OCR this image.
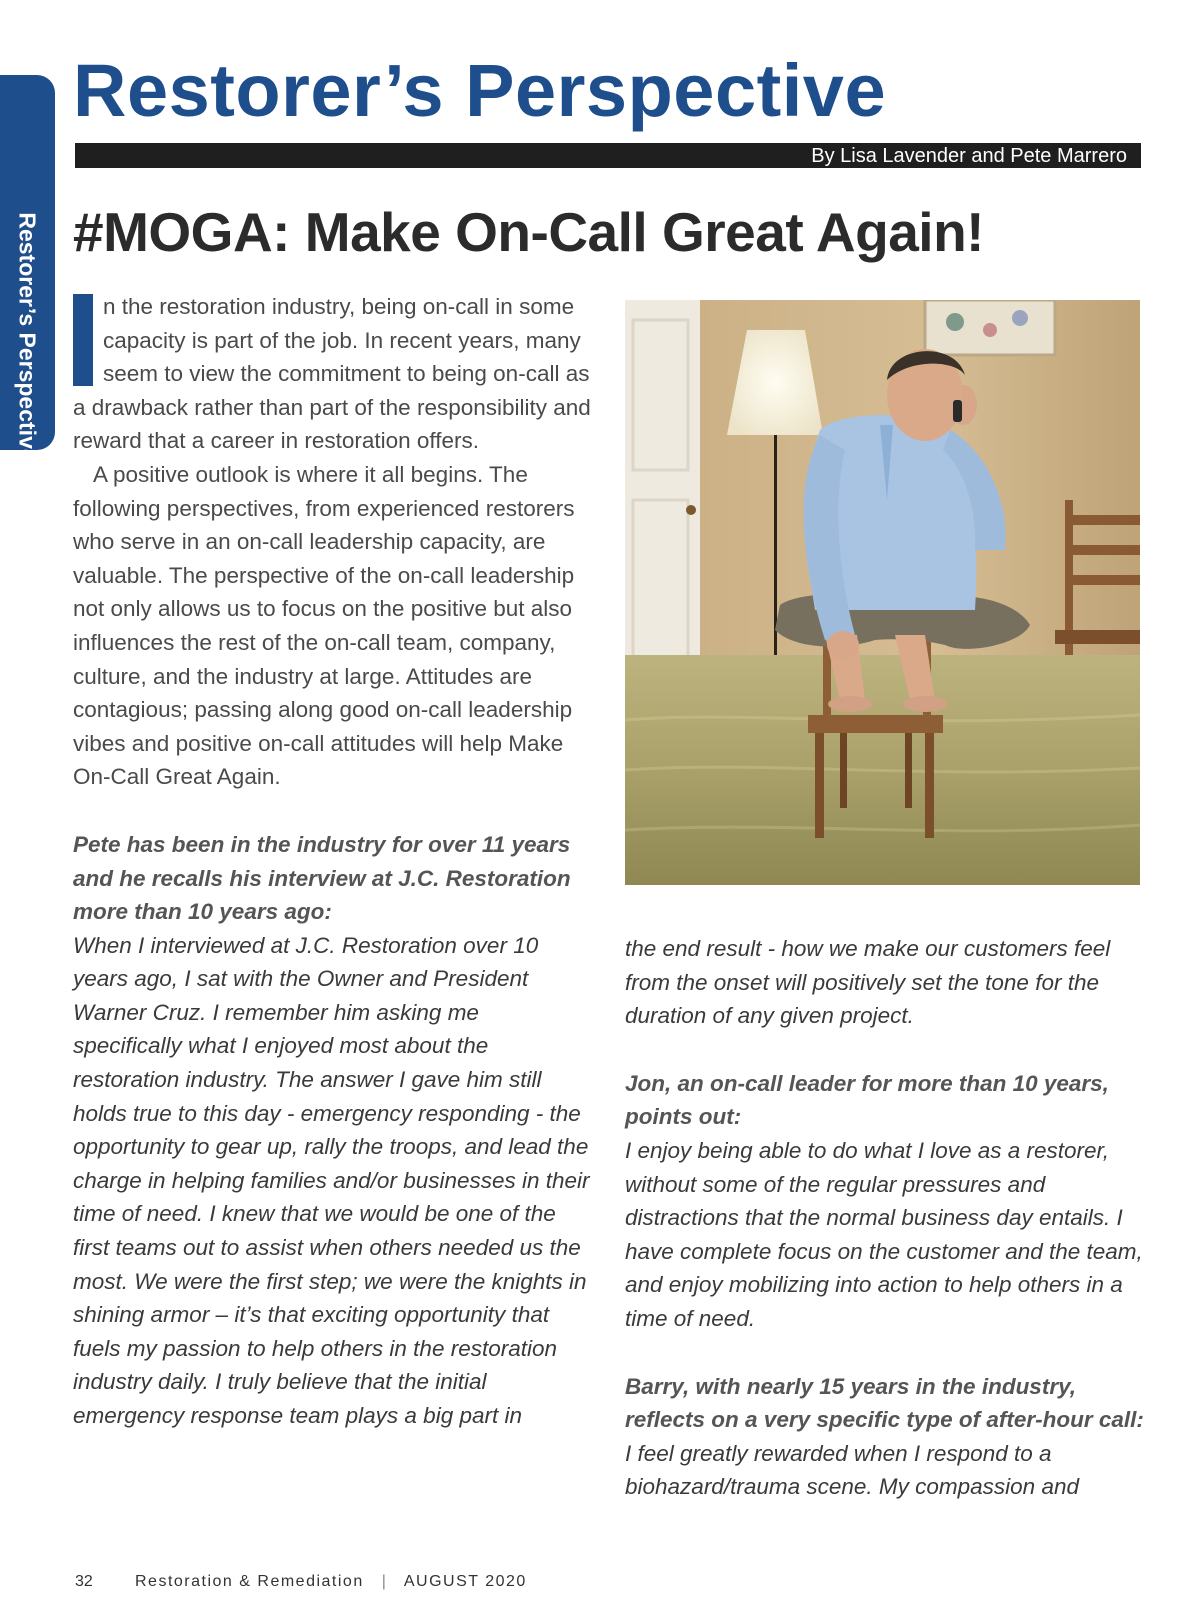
Restorer’s Perspective
Restorer’s Perspective

By Lisa Lavender and Pete Marrero

#MOGA: Make On-Call Great Again!

n the restoration industry, being on-call in some capacity is part of the job. In recent years, many seem to view the commitment to being on-call as a drawback rather than part of the responsibility and reward that a career in restoration offers.

A positive outlook is where it all begins. The following perspectives, from experienced restorers who serve in an on-call leadership capacity, are valuable. The perspective of the on-call leadership not only allows us to focus on the positive but also influences the rest of the on-call team, company, culture, and the industry at large. Attitudes are contagious; passing along good on-call leadership vibes and positive on-call attitudes will help Make On-Call Great Again.

Pete has been in the industry for over 11 years and he recalls his interview at J.C. Restoration more than 10 years ago:

When I interviewed at J.C. Restoration over 10 years ago, I sat with the Owner and President Warner Cruz. I remember him asking me specifically what I enjoyed most about the restoration industry. The answer I gave him still holds true to this day - emergency responding - the opportunity to gear up, rally the troops, and lead the charge in helping families and/or businesses in their time of need. I knew that we would be one of the first teams out to assist when others needed us the most. We were the first step; we were the knights in shining armor – it’s that exciting opportunity that fuels my passion to help others in the restoration industry daily. I truly believe that the initial emergency response team plays a big part in

the end result - how we make our customers feel from the onset will positively set the tone for the duration of any given project.

Jon, an on-call leader for more than 10 years, points out:

I enjoy being able to do what I love as a restorer, without some of the regular pressures and distractions that the normal business day entails. I have complete focus on the customer and the team, and enjoy mobilizing into action to help others in a time of need.

Barry, with nearly 15 years in the industry, reflects on a very specific type of after-hour call:

I feel greatly rewarded when I respond to a biohazard/trauma scene. My compassion and

32	Restoration & Remediation | AUGUST 2020
